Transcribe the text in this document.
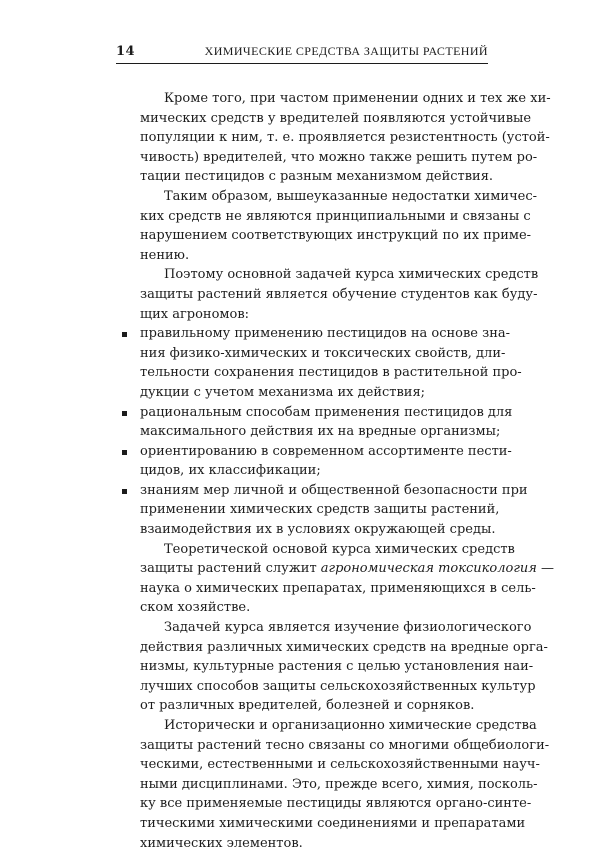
14	ХИМИЧЕСКИЕ СРЕДСТВА ЗАЩИТЫ РАСТЕНИЙ

Кроме того, при частом применении одних и тех же хи-
мических средств у вредителей появляются устойчивые
популяции к ним, т. е. проявляется резистентность (устой-
чивость) вредителей, что можно также решить путем ро-
тации пестицидов с разным механизмом действия.

Таким образом, вышеуказанные недостатки химичес-
ких средств не являются принципиальными и связаны с
нарушением соответствующих инструкций по их приме-
нению.

Поэтому основной задачей курса химических средств
защиты растений является обучение студентов как буду-
щих агрономов:

правильному применению пестицидов на основе зна-
ния физико-химических и токсических свойств, дли-
тельности сохранения пестицидов в растительной про-
дукции с учетом механизма их действия;
рациональным способам применения пестицидов для
максимального действия их на вредные организмы;
ориентированию в современном ассортименте пести-
цидов, их классификации;
знаниям мер личной и общественной безопасности при
применении химических средств защиты растений,
взаимодействия их в условиях окружающей среды.

Теоретической основой курса химических средств
защиты растений служит агрономическая токсикология —
наука о химических препаратах, применяющихся в сель-
ском хозяйстве.

Задачей курса является изучение физиологического
действия различных химических средств на вредные орга-
низмы, культурные растения с целью установления наи-
лучших способов защиты сельскохозяйственных культур
от различных вредителей, болезней и сорняков.

Исторически и организационно химические средства
защиты растений тесно связаны со многими общебиологи-
ческими, естественными и сельскохозяйственными науч-
ными дисциплинами. Это, прежде всего, химия, посколь-
ку все применяемые пестициды являются органо-синте-
тическими химическими соединениями и препаратами
химических элементов.
